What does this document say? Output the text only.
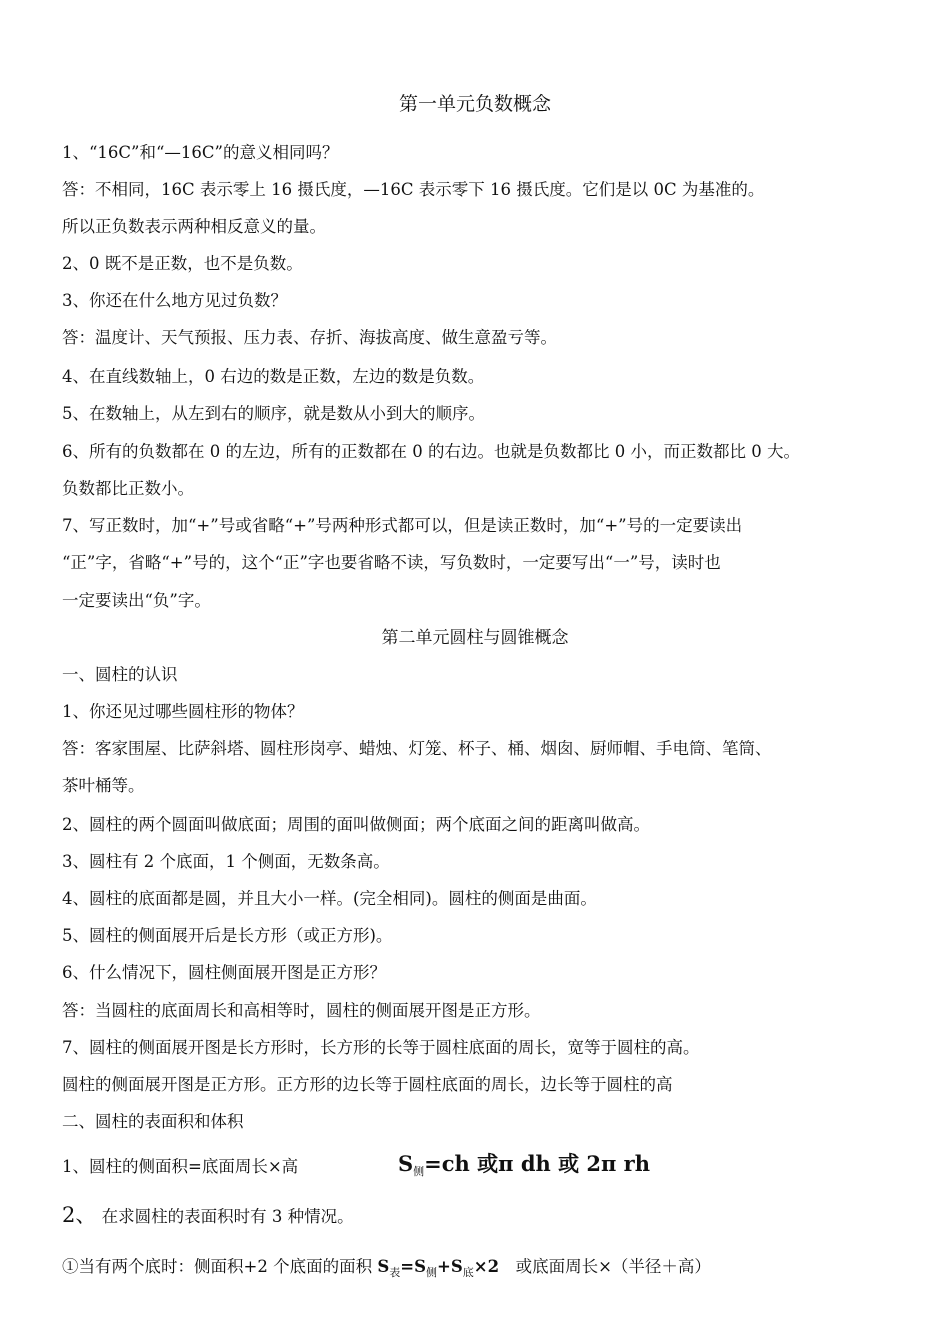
第一单元负数概念
1、“16C”和“—16C”的意义相同吗？
答：不相同，16C 表示零上 16 摄氏度，—16C 表示零下 16 摄氏度。它们是以 0C 为基准的。
所以正负数表示两种相反意义的量。
2、0 既不是正数，也不是负数。
3、你还在什么地方见过负数？
答：温度计、天气预报、压力表、存折、海拔高度、做生意盈亏等。
4、在直线数轴上，0 右边的数是正数，左边的数是负数。
5、在数轴上，从左到右的顺序，就是数从小到大的顺序。
6、所有的负数都在 0 的左边，所有的正数都在 0 的右边。也就是负数都比 0 小，而正数都比 0 大。
负数都比正数小。
7、写正数时，加“+”号或省略“+”号两种形式都可以，但是读正数时，加“+”号的一定要读出
“正”字，省略“+”号的，这个“正”字也要省略不读，写负数时，一定要写出“一”号，读时也
一定要读出“负”字。
第二单元圆柱与圆锥概念
一、圆柱的认识
1、你还见过哪些圆柱形的物体？
答：客家围屋、比萨斜塔、圆柱形岗亭、蜡烛、灯笼、杯子、桶、烟囱、厨师帽、手电筒、笔筒、
茶叶桶等。
2、圆柱的两个圆面叫做底面；周围的面叫做侧面；两个底面之间的距离叫做高。
3、圆柱有 2 个底面，1 个侧面，无数条高。
4、圆柱的底面都是圆，并且大小一样。(完全相同)。圆柱的侧面是曲面。
5、圆柱的侧面展开后是长方形（或正方形)。
6、什么情况下，圆柱侧面展开图是正方形？
答：当圆柱的底面周长和高相等时，圆柱的侧面展开图是正方形。
7、圆柱的侧面展开图是长方形时，长方形的长等于圆柱底面的周长，宽等于圆柱的高。
圆柱的侧面展开图是正方形。正方形的边长等于圆柱底面的周长，边长等于圆柱的高
二、圆柱的表面积和体积
1、圆柱的侧面积=底面周长×高	$S_侧=ch$ 或π dh 或 2π rh
2、 在求圆柱的表面积时有 3 种情况。
①当有两个底时：侧面积+2 个底面的面积 $S_表=S_侧+S_底\times 2$　或底面周长×（半径＋高）
